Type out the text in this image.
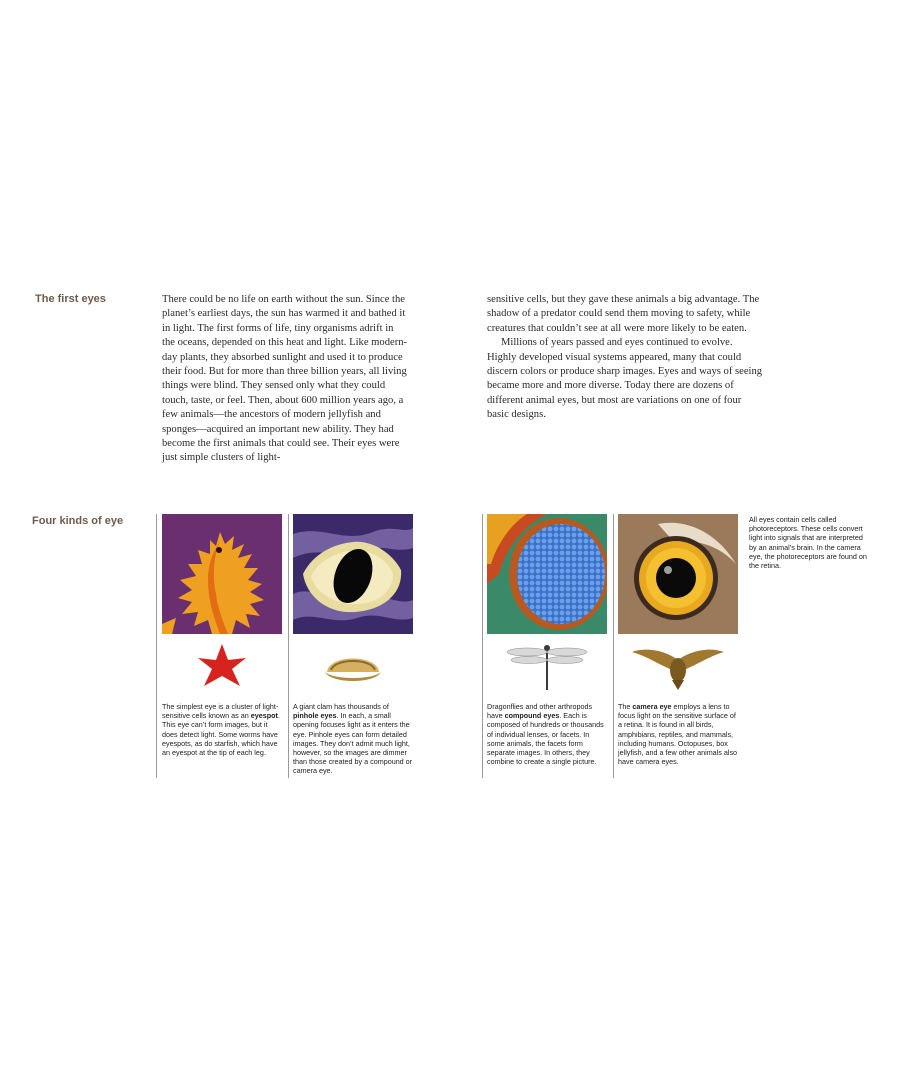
The first eyes	There could be no life on earth without the sun. Since the planet’s earliest days, the sun has warmed it and bathed it in light. The first forms of life, tiny organisms adrift in the oceans, depended on this heat and light. Like modern-day plants, they absorbed sunlight and used it to produce their food. But for more than three billion years, all living things were blind. They sensed only what they could touch, taste, or feel. Then, about 600 million years ago, a few animals—the ancestors of modern jellyfish and sponges—acquired an important new ability. They had become the first animals that could see. Their eyes were just simple clusters of light-

sensitive cells, but they gave these animals a big advantage. The shadow of a predator could send them moving to safety, while creatures that couldn’t see at all were more likely to be eaten.

Millions of years passed and eyes continued to evolve. Highly developed visual systems appeared, many that could discern colors or produce sharp images. Eyes and ways of seeing became more and more diverse. Today there are dozens of different animal eyes, but most are variations on one of four basic designs.

Four kinds of eye
The simplest eye is a cluster of light-sensitive cells known as an eyespot. This eye can’t form images, but it does detect light. Some worms have eyespots, as do starfish, which have an eyespot at the tip of each leg.
A giant clam has thousands of pinhole eyes. In each, a small opening focuses light as it enters the eye. Pinhole eyes can form detailed images. They don’t admit much light, however, so the images are dimmer than those created by a compound or camera eye.
Dragonflies and other arthropods have compound eyes. Each is composed of hundreds or thousands of individual lenses, or facets. In some animals, the facets form separate images. In others, they combine to create a single picture.
The camera eye employs a lens to focus light on the sensitive surface of a retina. It is found in all birds, amphibians, reptiles, and mammals, including humans. Octopuses, box jellyfish, and a few other animals also have camera eyes.
All eyes contain cells called photoreceptors. These cells convert light into signals that are interpreted by an animal’s brain. In the camera eye, the photoreceptors are found on the retina.
